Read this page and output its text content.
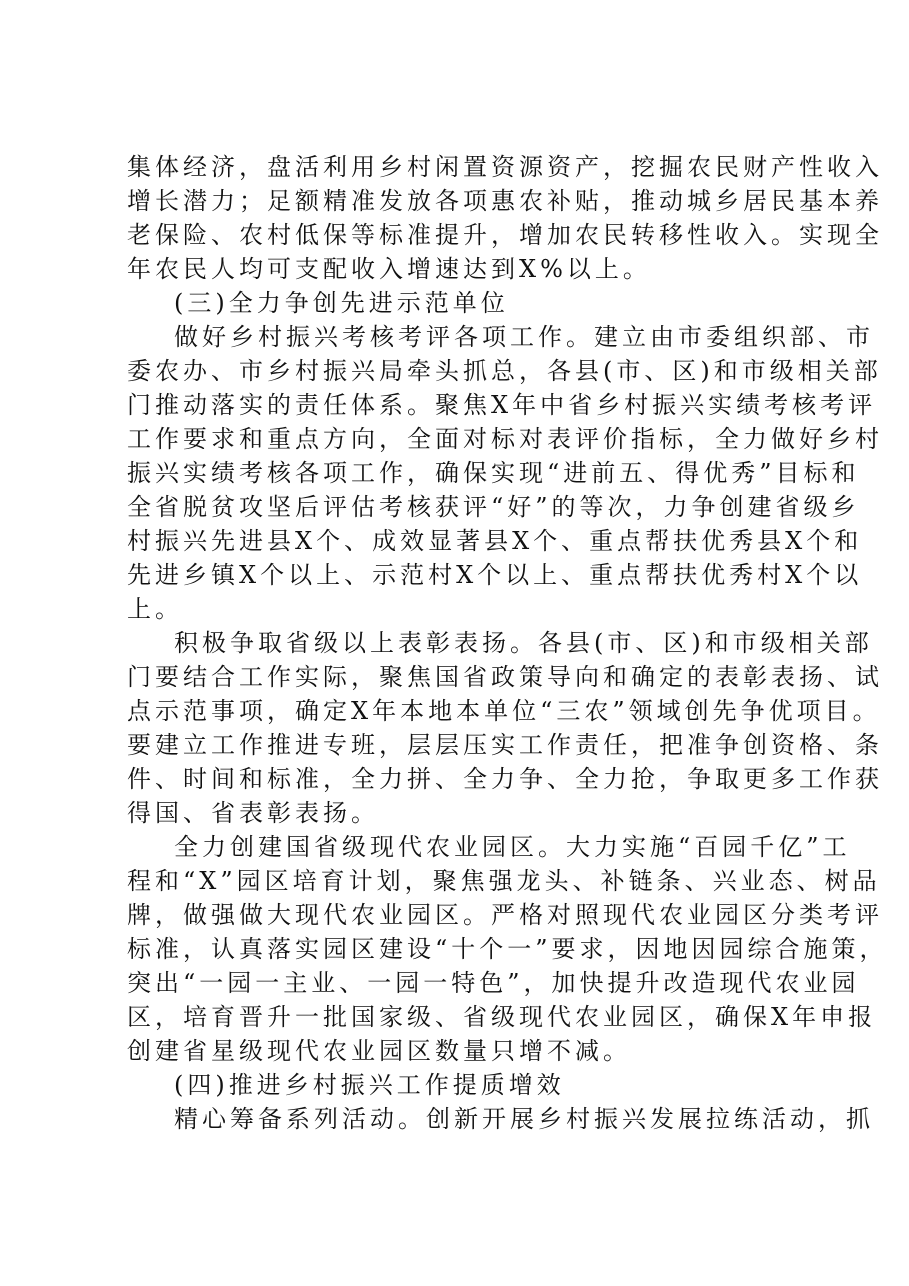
集体经济，盘活利用乡村闲置资源资产，挖掘农民财产性收入
增长潜力；足额精准发放各项惠农补贴，推动城乡居民基本养
老保险、农村低保等标准提升，增加农民转移性收入。实现全
年农民人均可支配收入增速达到X%以上。
(三)全力争创先进示范单位
做好乡村振兴考核考评各项工作。建立由市委组织部、市
委农办、市乡村振兴局牵头抓总，各县(市、区)和市级相关部
门推动落实的责任体系。聚焦X年中省乡村振兴实绩考核考评
工作要求和重点方向，全面对标对表评价指标，全力做好乡村
振兴实绩考核各项工作，确保实现“进前五、得优秀”目标和
全省脱贫攻坚后评估考核获评“好”的等次，力争创建省级乡
村振兴先进县X个、成效显著县X个、重点帮扶优秀县X个和
先进乡镇X个以上、示范村X个以上、重点帮扶优秀村X个以
上。
积极争取省级以上表彰表扬。各县(市、区)和市级相关部
门要结合工作实际，聚焦国省政策导向和确定的表彰表扬、试
点示范事项，确定X年本地本单位“三农”领域创先争优项目。
要建立工作推进专班，层层压实工作责任，把准争创资格、条
件、时间和标准，全力拼、全力争、全力抢，争取更多工作获
得国、省表彰表扬。
全力创建国省级现代农业园区。大力实施“百园千亿”工
程和“X”园区培育计划，聚焦强龙头、补链条、兴业态、树品
牌，做强做大现代农业园区。严格对照现代农业园区分类考评
标准，认真落实园区建设“十个一”要求，因地因园综合施策，
突出“一园一主业、一园一特色”，加快提升改造现代农业园
区，培育晋升一批国家级、省级现代农业园区，确保X年申报
创建省星级现代农业园区数量只增不减。
(四)推进乡村振兴工作提质增效
精心筹备系列活动。创新开展乡村振兴发展拉练活动，抓
